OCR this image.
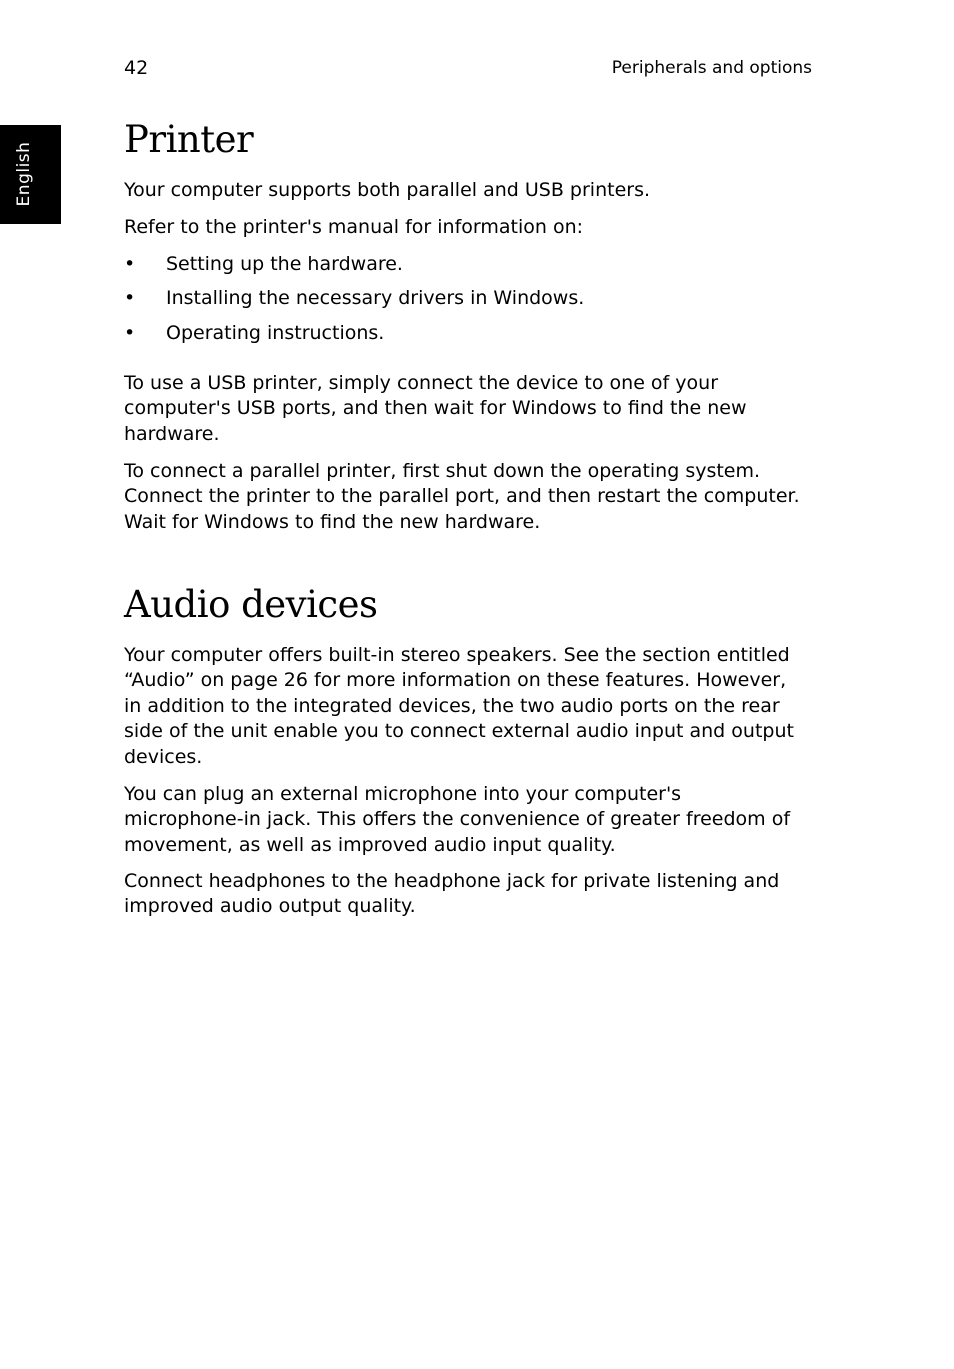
42	Peripherals and options
English
Printer

Your computer supports both parallel and USB printers.

Refer to the printer's manual for information on:

• Setting up the hardware.
• Installing the necessary drivers in Windows.
• Operating instructions.
To use a USB printer, simply connect the device to one of your
computer's USB ports, and then wait for Windows to find the new
hardware.
To connect a parallel printer, first shut down the operating system.
Connect the printer to the parallel port, and then restart the computer.
Wait for Windows to find the new hardware.
Audio devices
Your computer offers built-in stereo speakers. See the section entitled
“Audio” on page 26 for more information on these features. However,
in addition to the integrated devices, the two audio ports on the rear
side of the unit enable you to connect external audio input and output
devices.
You can plug an external microphone into your computer's
microphone-in jack. This offers the convenience of greater freedom of
movement, as well as improved audio input quality.
Connect headphones to the headphone jack for private listening and
improved audio output quality.
